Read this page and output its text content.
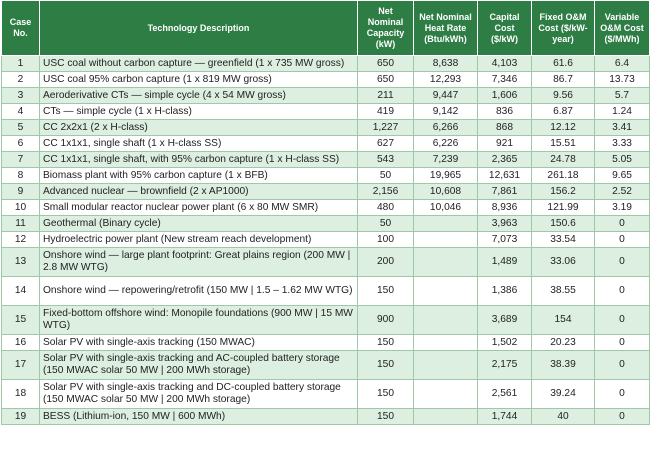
Case No.	Technology Description	Net Nominal Capacity (kW)	Net Nominal Heat Rate (Btu/kWh)	Capital Cost ($/kW)	Fixed O&M Cost ($/kW-year)	Variable O&M Cost ($/MWh)
1	USC coal without carbon capture — greenfield (1 x 735 MW gross)	650	8,638	4,103	61.6	6.4
2	USC coal 95% carbon capture (1 x 819 MW gross)	650	12,293	7,346	86.7	13.73
3	Aeroderivative CTs — simple cycle (4 x 54 MW gross)	211	9,447	1,606	9.56	5.7
4	CTs — simple cycle (1 x H-class)	419	9,142	836	6.87	1.24
5	CC 2x2x1 (2 x H-class)	1,227	6,266	868	12.12	3.41
6	CC 1x1x1, single shaft (1 x H-class SS)	627	6,226	921	15.51	3.33
7	CC 1x1x1, single shaft, with 95% carbon capture (1 x H-class SS)	543	7,239	2,365	24.78	5.05
8	Biomass plant with 95% carbon capture (1 x BFB)	50	19,965	12,631	261.18	9.65
9	Advanced nuclear — brownfield (2 x AP1000)	2,156	10,608	7,861	156.2	2.52
10	Small modular reactor nuclear power plant (6 x 80 MW SMR)	480	10,046	8,936	121.99	3.19
11	Geothermal (Binary cycle)	50		3,963	150.6	0
12	Hydroelectric power plant (New stream reach development)	100		7,073	33.54	0
13	Onshore wind — large plant footprint: Great plains region (200 MW | 2.8 MW WTG)	200		1,489	33.06	0
14	Onshore wind — repowering/retrofit (150 MW | 1.5 – 1.62 MW WTG)	150		1,386	38.55	0
15	Fixed-bottom offshore wind: Monopile foundations (900 MW | 15 MW WTG)	900		3,689	154	0
16	Solar PV with single-axis tracking (150 MWAC)	150		1,502	20.23	0
17	Solar PV with single-axis tracking and AC-coupled battery storage (150 MWAC solar 50 MW | 200 MWh storage)	150		2,175	38.39	0
18	Solar PV with single-axis tracking and DC-coupled battery storage (150 MWAC solar 50 MW | 200 MWh storage)	150		2,561	39.24	0
19	BESS (Lithium-ion, 150 MW | 600 MWh)	150		1,744	40	0
